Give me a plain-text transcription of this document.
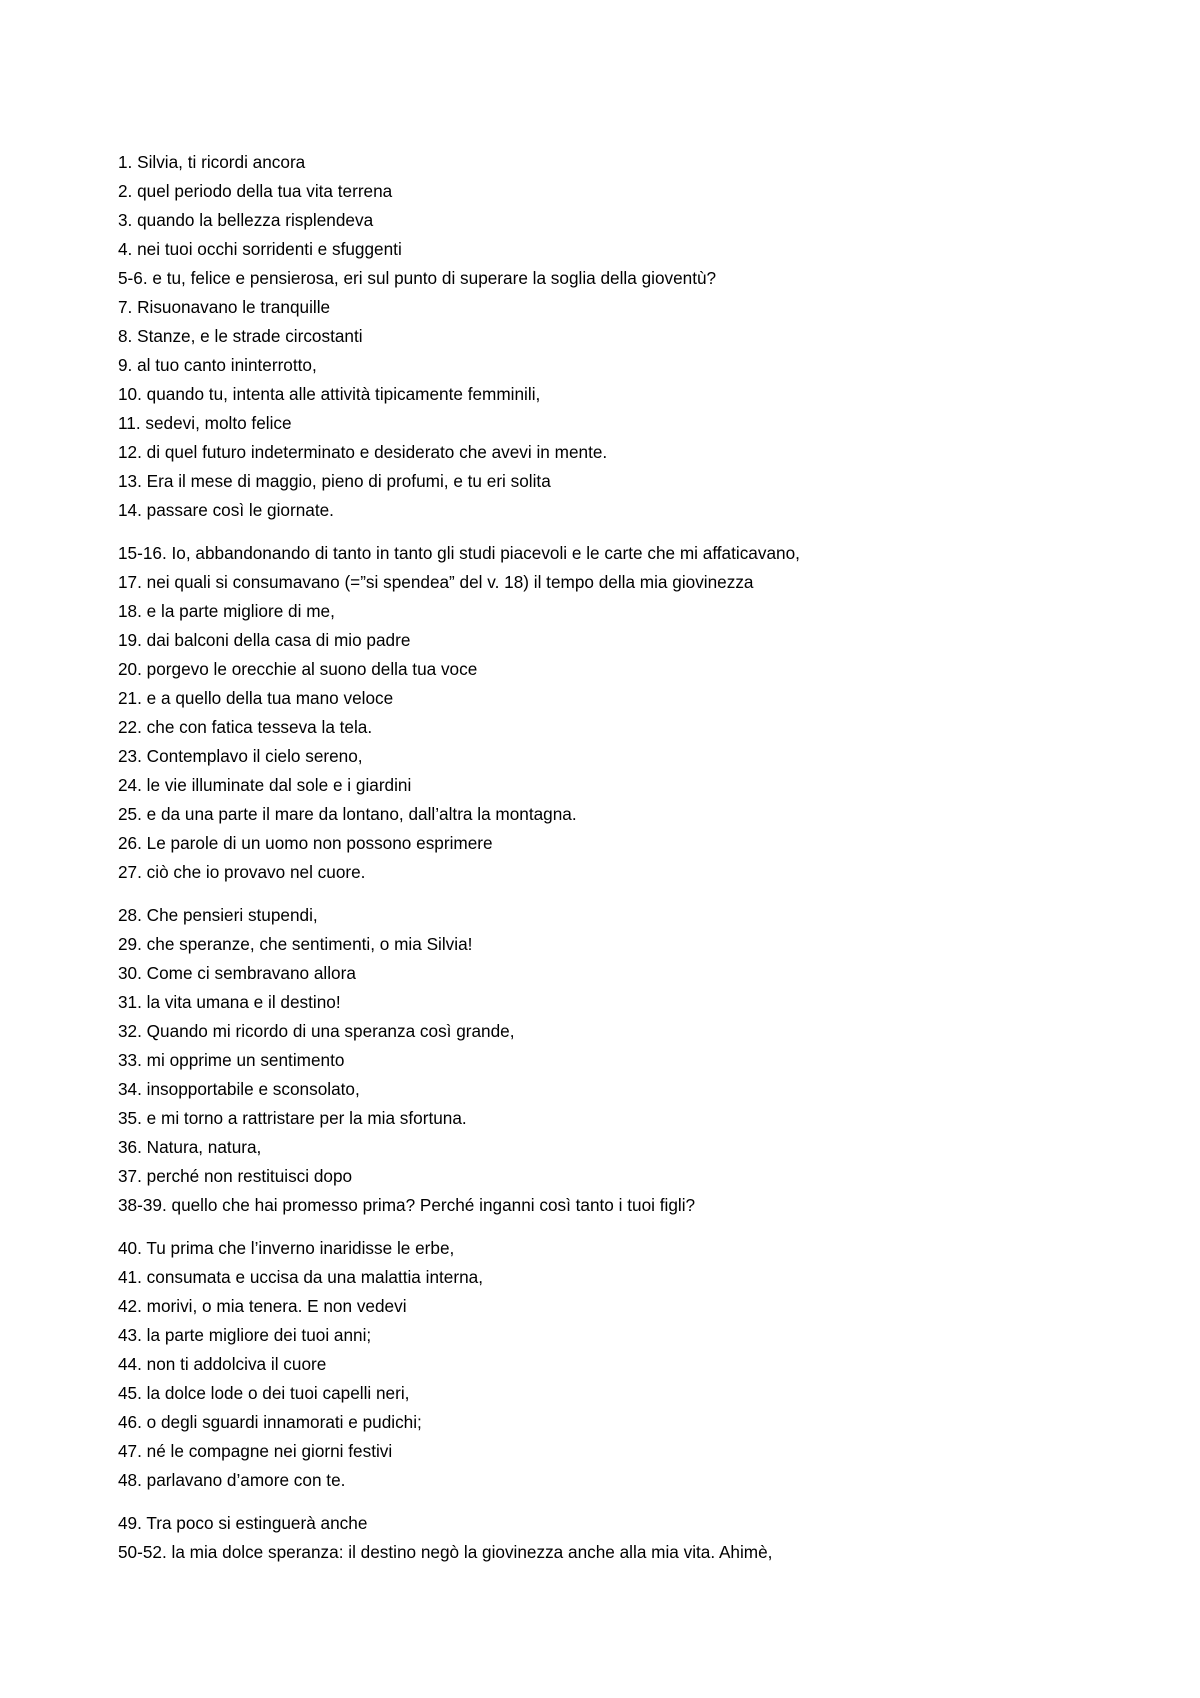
1. Silvia, ti ricordi ancora

2. quel periodo della tua vita terrena

3. quando la bellezza risplendeva

4. nei tuoi occhi sorridenti e sfuggenti

5-6. e tu, felice e pensierosa, eri sul punto di superare la soglia della gioventù?

7. Risuonavano le tranquille

8. Stanze, e le strade circostanti

9. al tuo canto ininterrotto,

10. quando tu, intenta alle attività tipicamente femminili,

11. sedevi, molto felice

12. di quel futuro indeterminato e desiderato che avevi in mente.

13. Era il mese di maggio, pieno di profumi, e tu eri solita

14. passare così le giornate.

15-16. Io, abbandonando di tanto in tanto gli studi piacevoli e le carte che mi affaticavano,

17. nei quali si consumavano (=”si spendea” del v. 18) il tempo della mia giovinezza

18. e la parte migliore di me,

19. dai balconi della casa di mio padre

20. porgevo le orecchie al suono della tua voce

21. e a quello della tua mano veloce

22. che con fatica tesseva la tela.

23. Contemplavo il cielo sereno,

24. le vie illuminate dal sole e i giardini

25. e da una parte il mare da lontano, dall’altra la montagna.

26. Le parole di un uomo non possono esprimere

27. ciò che io provavo nel cuore.

28. Che pensieri stupendi,

29. che speranze, che sentimenti, o mia Silvia!

30. Come ci sembravano allora

31. la vita umana e il destino!

32. Quando mi ricordo di una speranza così grande,

33. mi opprime un sentimento

34. insopportabile e sconsolato,

35. e mi torno a rattristare per la mia sfortuna.

36. Natura, natura,

37. perché non restituisci dopo

38-39. quello che hai promesso prima? Perché inganni così tanto i tuoi figli?

40. Tu prima che l’inverno inaridisse le erbe,

41. consumata e uccisa da una malattia interna,

42. morivi, o mia tenera. E non vedevi

43. la parte migliore dei tuoi anni;

44. non ti addolciva il cuore

45. la dolce lode o dei tuoi capelli neri,

46. o degli sguardi innamorati e pudichi;

47. né le compagne nei giorni festivi

48. parlavano d’amore con te.

49. Tra poco si estinguerà anche

50-52. la mia dolce speranza: il destino negò la giovinezza anche alla mia vita. Ahimè,
